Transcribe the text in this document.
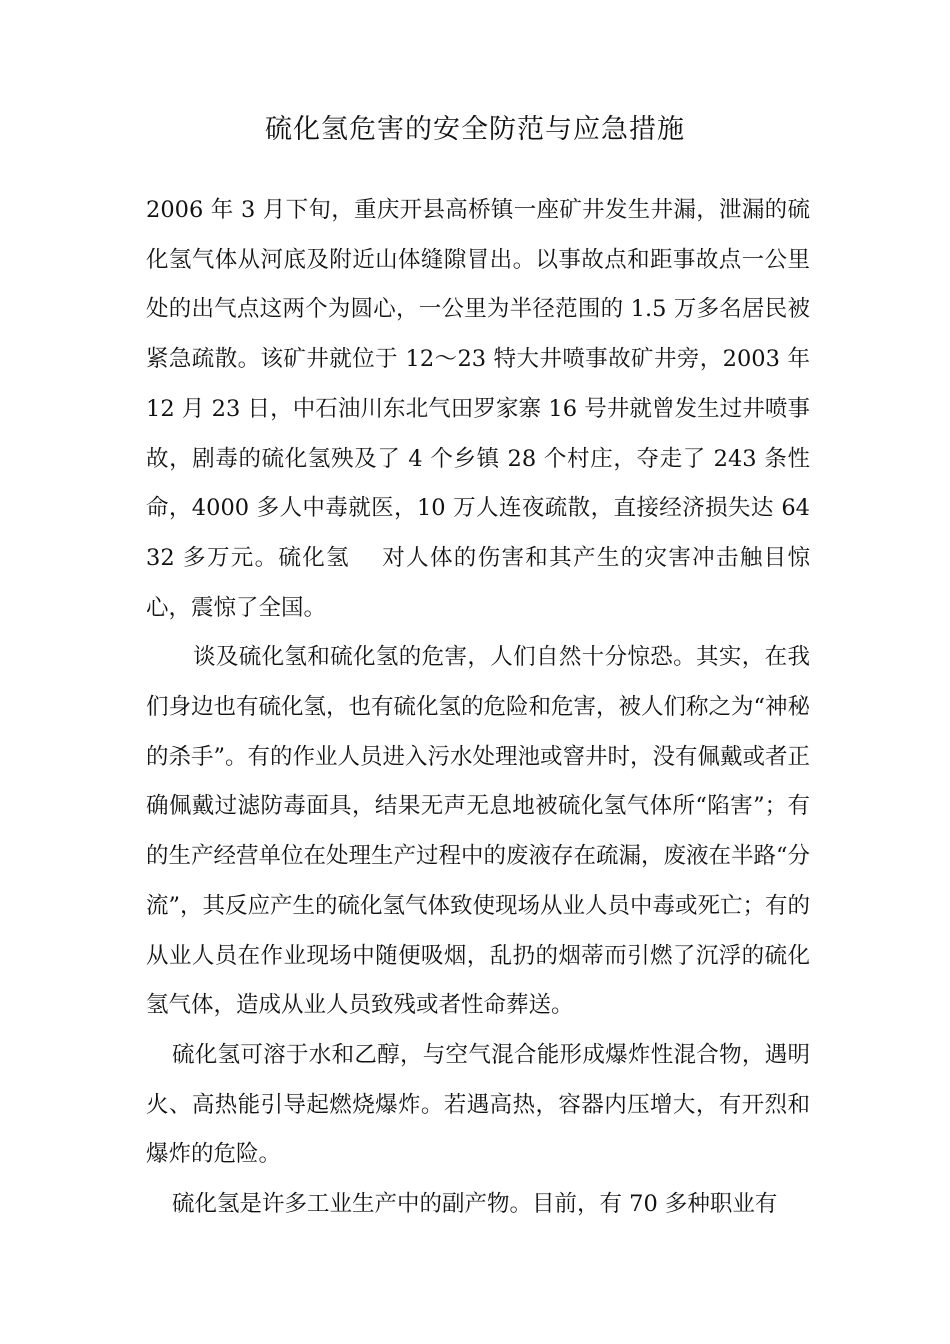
硫化氢危害的安全防范与应急措施

2006 年 3 月下旬，重庆开县高桥镇一座矿井发生井漏，泄漏的硫化氢气体从河底及附近山体缝隙冒出。以事故点和距事故点一公里处的出气点这两个为圆心，一公里为半径范围的 1.5 万多名居民被紧急疏散。该矿井就位于 12～23 特大井喷事故矿井旁，2003 年 12 月 23 日，中石油川东北气田罗家寨 16 号井就曾发生过井喷事故，剧毒的硫化氢殃及了 4 个乡镇 28 个村庄，夺走了 243 条性命，4000 多人中毒就医，10 万人连夜疏散，直接经济损失达 6432 多万元。硫化氢　 对人体的伤害和其产生的灾害冲击触目惊心，震惊了全国。

谈及硫化氢和硫化氢的危害，人们自然十分惊恐。其实，在我们身边也有硫化氢，也有硫化氢的危险和危害，被人们称之为“神秘的杀手”。有的作业人员进入污水处理池或窨井时，没有佩戴或者正确佩戴过滤防毒面具，结果无声无息地被硫化氢气体所“陷害”；有的生产经营单位在处理生产过程中的废液存在疏漏，废液在半路“分流”，其反应产生的硫化氢气体致使现场从业人员中毒或死亡；有的从业人员在作业现场中随便吸烟，乱扔的烟蒂而引燃了沉浮的硫化氢气体，造成从业人员致残或者性命葬送。

硫化氢可溶于水和乙醇，与空气混合能形成爆炸性混合物，遇明火、高热能引导起燃烧爆炸。若遇高热，容器内压增大，有开烈和爆炸的危险。

硫化氢是许多工业生产中的副产物。目前，有 70 多种职业有
